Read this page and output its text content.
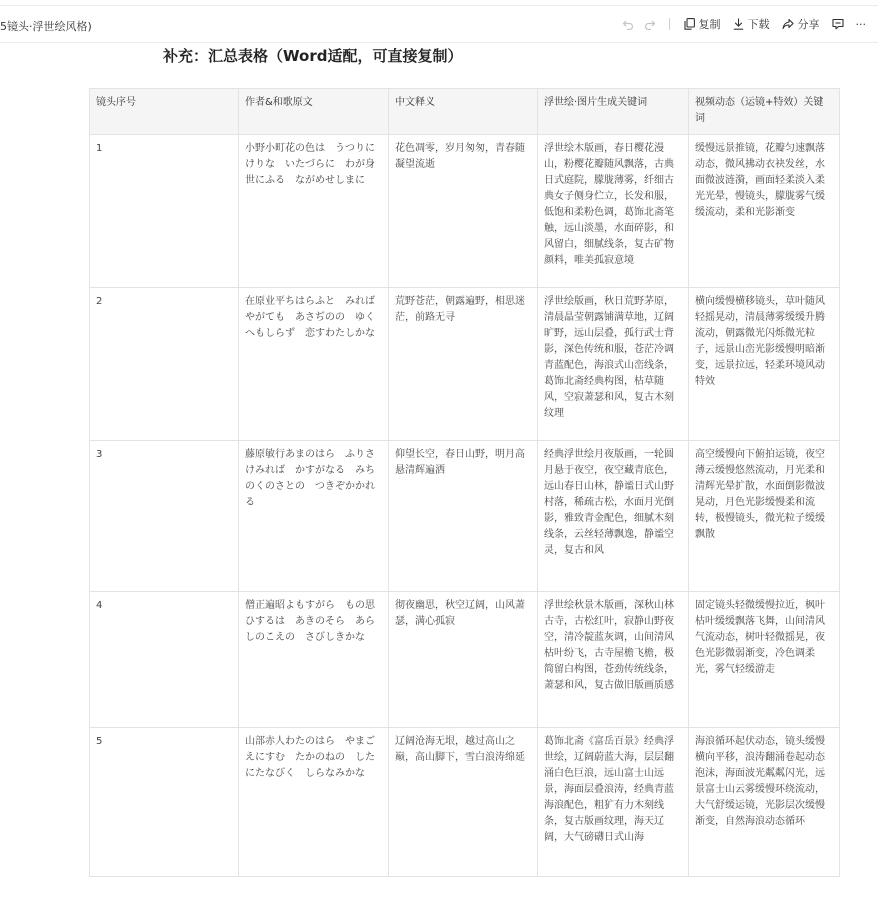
5镜头·浮世绘风格)	复制 下载	分享	···
补充：汇总表格（Word适配，可直接复制）
镜头序号	作者&和歌原文	中文释义	浮世绘·图片生成关键词	视频动态（运镜+特效）关键词
1	小野小町花の色は　うつりにけりな　いたづらに　わが身世にふる　ながめせしまに	花色凋零，岁月匆匆，青春随凝望流逝	浮世绘木版画，春日樱花漫山，粉樱花瓣随风飘落，古典日式庭院，朦胧薄雾，纤细古典女子侧身伫立，长发和服，低饱和柔粉色调，葛饰北斋笔触，远山淡墨，水面碎影，和风留白，细腻线条，复古矿物颜料，唯美孤寂意境	缓慢远景推镜，花瓣匀速飘落动态，微风拂动衣袂发丝，水面微波涟漪，画面轻柔淡入柔光光晕，慢镜头，朦胧雾气缓缓流动，柔和光影渐变
2	在原业平ちはらふと　みればやがても　あさぢのの　ゆくへもしらず　恋すわたしかな	荒野苍茫，朝露遍野，相思迷茫，前路无寻	浮世绘版画，秋日荒野茅原，清晨晶莹朝露铺满草地，辽阔旷野，远山层叠，孤行武士背影，深色传统和服，苍茫冷调青蓝配色，海浪式山峦线条，葛饰北斋经典构图，枯草随风，空寂萧瑟和风，复古木刻纹理	横向缓慢横移镜头，草叶随风轻摇晃动，清晨薄雾缓缓升腾流动，朝露微光闪烁微光粒子，远景山峦光影缓慢明暗渐变，远景拉远，轻柔环境风动特效
3	藤原敏行あまのはら　ふりさけみれば　かすがなる　みちのくのさとの　つきぞかかれる	仰望长空，春日山野，明月高悬清辉遍洒	经典浮世绘月夜版画，一轮圆月悬于夜空，夜空藏青底色，远山春日山林，静谧日式山野村落，稀疏古松，水面月光倒影，雅致青金配色，细腻木刻线条，云丝轻薄飘逸，静谧空灵，复古和风	高空缓慢向下俯拍运镜，夜空薄云缓慢悠然流动，月光柔和清辉光晕扩散，水面倒影微波晃动，月色光影缓慢柔和流转，极慢镜头，微光粒子缓缓飘散
4	僧正遍昭よもすがら　もの思ひするは　あきのそら　あらしのこえの　さびしきかな	彻夜幽思，秋空辽阔，山风萧瑟，满心孤寂	浮世绘秋景木版画，深秋山林古寺，古松红叶，寂静山野夜空，清冷靛蓝灰调，山间清风枯叶纷飞，古寺屋檐飞檐，极简留白构图，苍劲传统线条，萧瑟和风，复古做旧版画质感	固定镜头轻微缓慢拉近，枫叶枯叶缓缓飘落飞舞，山间清风气流动态，树叶轻微摇晃，夜色光影微弱渐变，冷色调柔光，雾气轻缓游走
5	山部赤人わたのはら　やまごえにすむ　たかのねの　したにたなびく　しらなみかな	辽阔沧海无垠，越过高山之巅，高山脚下，雪白浪涛绵延	葛饰北斋《富岳百景》经典浮世绘，辽阔蔚蓝大海，层层翻涌白色巨浪，远山富士山远景，海面层叠浪涛，经典青蓝海浪配色，粗犷有力木刻线条，复古版画纹理，海天辽阔，大气磅礴日式山海	海浪循环起伏动态，镜头缓慢横向平移，浪涛翻涌卷起动态泡沫，海面波光粼粼闪光，远景富士山云雾缓慢环绕流动，大气舒缓运镜，光影层次缓慢渐变，自然海浪动态循环
